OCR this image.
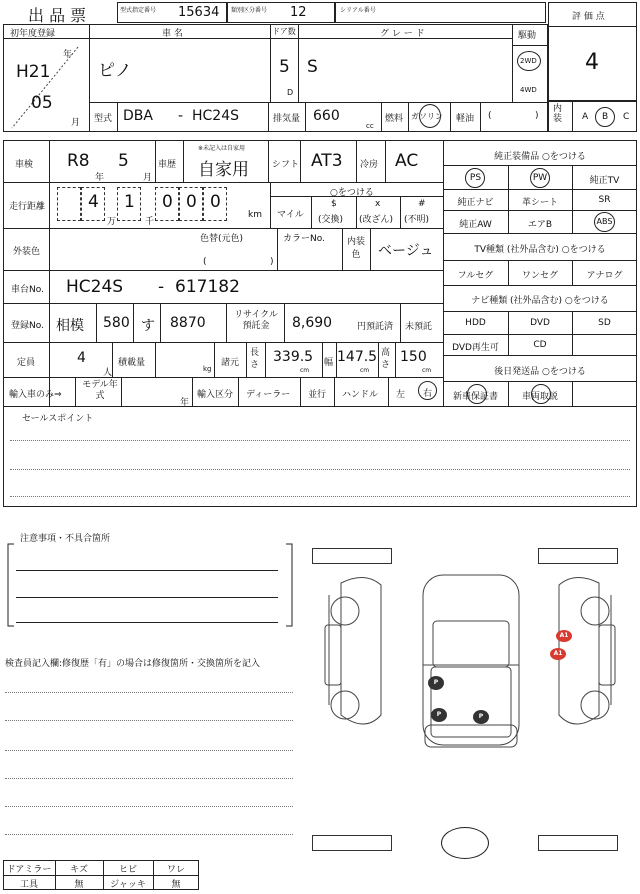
出 品 票	型式指定番号 15634 類別区分番号 12	シリアル番号
評 価 点
4
初年度登録
年
H21
05
月
車 名
ピノ
ドア数
5
D
グ レ ー ド
S
駆動
2WD
4WD
型式 DBA - HC24S	排気量 660
cc
燃料 ガソリン 軽油 (	)
内装	A B C
車検 R8
年
5
月
車歴
※未記入は自家用
自家用	シフト AT3 冷房 AC
走行距離	4 1 0 0 0
万	千
km
○をつける
マイル
$
(交換)
x
(改ざん)
#
(不明)
外装色
色替(元色)
(	)
カラーNo. 内装色	ベージュ
車台No. HC24S - 617182
登録No. 相模 580 す 8870	リサイクル預託金	8,690	円預託済 未預託
定員	4
人
積載量
kg
諸元
長さ 339.5
cm
幅 147.5
cm
高さ 150
cm
輸入車のみ⇒
モデル年式
年
輸入区分 ディーラー 並行 ハンドル 左 右
セールスポイント
純正装備品 ○をつける
PS	PW	純正TV
純正ナビ	革シート	SR
純正AW	エアB	ABS
TV種類 (社外品含む) ○をつける
フルセグ	ワンセグ	アナログ
ナビ種類 (社外品含む) ○をつける
HDD	DVD	SD
DVD再生可	CD
後日発送品 ○をつける
新車保証書	車両取説
注意事項・不具合箇所
検査員記入欄:修復歴「有」の場合は修復箇所・交換箇所を記入
ドアミラー	キズ	ヒビ	ワレ
工具	無	ジャッキ	無
A1
A1
P
P	P
